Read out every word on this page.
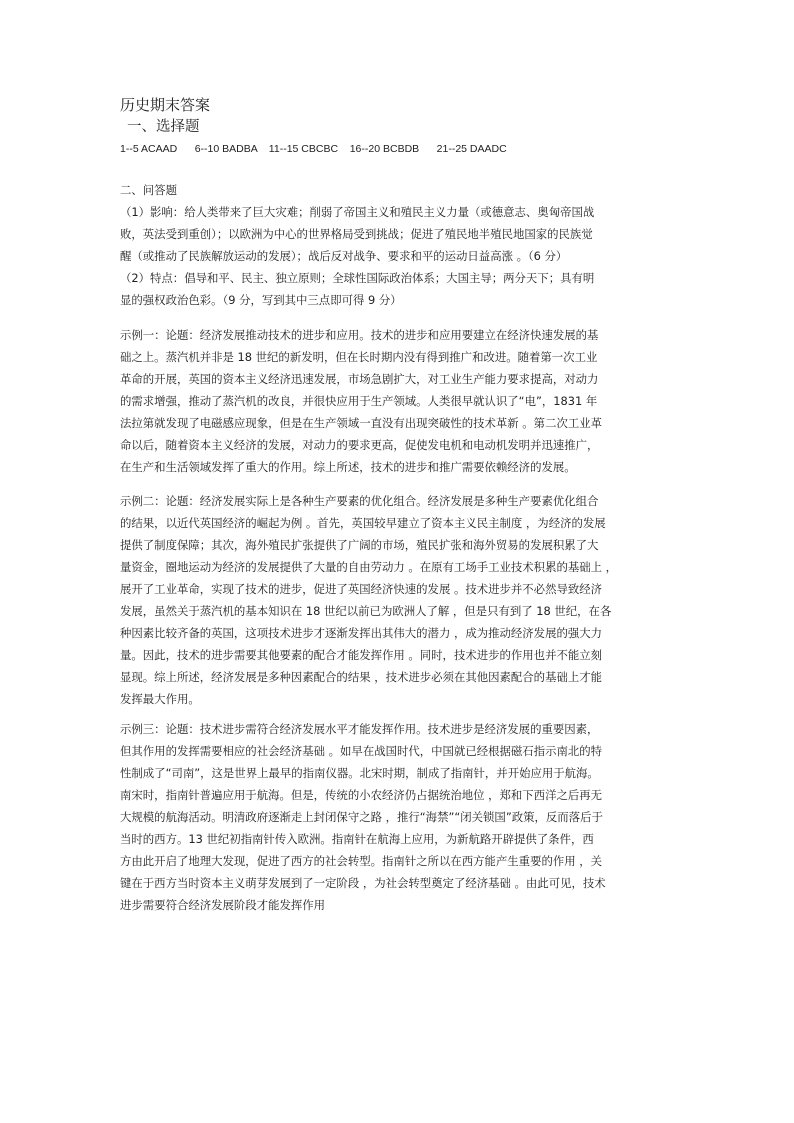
历史期末答案
一、选择题
1--5 ACAAD      6--10 BADBA    11--15 CBCBC    16--20 BCBDB      21--25 DAADC
二、问答题
（1）影响：给人类带来了巨大灾难；削弱了帝国主义和殖民主义力量（或德意志、奥匈帝国战
败，英法受到重创）；以欧洲为中心的世界格局受到挑战；促进了殖民地半殖民地国家的民族觉
醒（或推动了民族解放运动的发展）；战后反对战争、要求和平的运动日益高涨 。（6 分）
（2）特点：倡导和平、民主、独立原则；全球性国际政治体系；大国主导；两分天下；具有明
显的强权政治色彩。（9 分，写到其中三点即可得 9 分）
示例一：论题：经济发展推动技术的进步和应用。技术的进步和应用要建立在经济快速发展的基
础之上。蒸汽机并非是 18 世纪的新发明，但在长时期内没有得到推广和改进。随着第一次工业
革命的开展，英国的资本主义经济迅速发展，市场急剧扩大，对工业生产能力要求提高，对动力
的需求增强，推动了蒸汽机的改良，并很快应用于生产领域。人类很早就认识了“电”，1831 年
法拉第就发现了电磁感应现象，但是在生产领域一直没有出现突破性的技术革新 。第二次工业革
命以后，随着资本主义经济的发展，对动力的要求更高，促使发电机和电动机发明并迅速推广，
在生产和生活领域发挥了重大的作用。综上所述，技术的进步和推广需要依赖经济的发展。
示例二：论题：经济发展实际上是各种生产要素的优化组合。经济发展是多种生产要素优化组合
的结果，以近代英国经济的崛起为例 。首先，英国较早建立了资本主义民主制度 ，为经济的发展
提供了制度保障；其次，海外殖民扩张提供了广阔的市场，殖民扩张和海外贸易的发展积累了大
量资金，圈地运动为经济的发展提供了大量的自由劳动力 。在原有工场手工业技术积累的基础上 ，
展开了工业革命，实现了技术的进步，促进了英国经济快速的发展 。技术进步并不必然导致经济
发展，虽然关于蒸汽机的基本知识在 18 世纪以前已为欧洲人了解 ，但是只有到了 18 世纪，在各
种因素比较齐备的英国，这项技术进步才逐渐发挥出其伟大的潜力 ，成为推动经济发展的强大力
量。因此，技术的进步需要其他要素的配合才能发挥作用 。同时，技术进步的作用也并不能立刻
显现。综上所述，经济发展是多种因素配合的结果 ，技术进步必须在其他因素配合的基础上才能
发挥最大作用。
示例三：论题：技术进步需符合经济发展水平才能发挥作用。技术进步是经济发展的重要因素，
但其作用的发挥需要相应的社会经济基础 。如早在战国时代，中国就已经根据磁石指示南北的特
性制成了“司南”，这是世界上最早的指南仪器。北宋时期，制成了指南针，并开始应用于航海。
南宋时，指南针普遍应用于航海。但是，传统的小农经济仍占据统治地位 ，郑和下西洋之后再无
大规模的航海活动。明清政府逐渐走上封闭保守之路 ，推行“海禁”“闭关锁国”政策，反而落后于
当时的西方。13 世纪初指南针传入欧洲。指南针在航海上应用，为新航路开辟提供了条件，西
方由此开启了地理大发现，促进了西方的社会转型。指南针之所以在西方能产生重要的作用 ，关
键在于西方当时资本主义萌芽发展到了一定阶段 ，为社会转型奠定了经济基础 。由此可见，技术
进步需要符合经济发展阶段才能发挥作用
